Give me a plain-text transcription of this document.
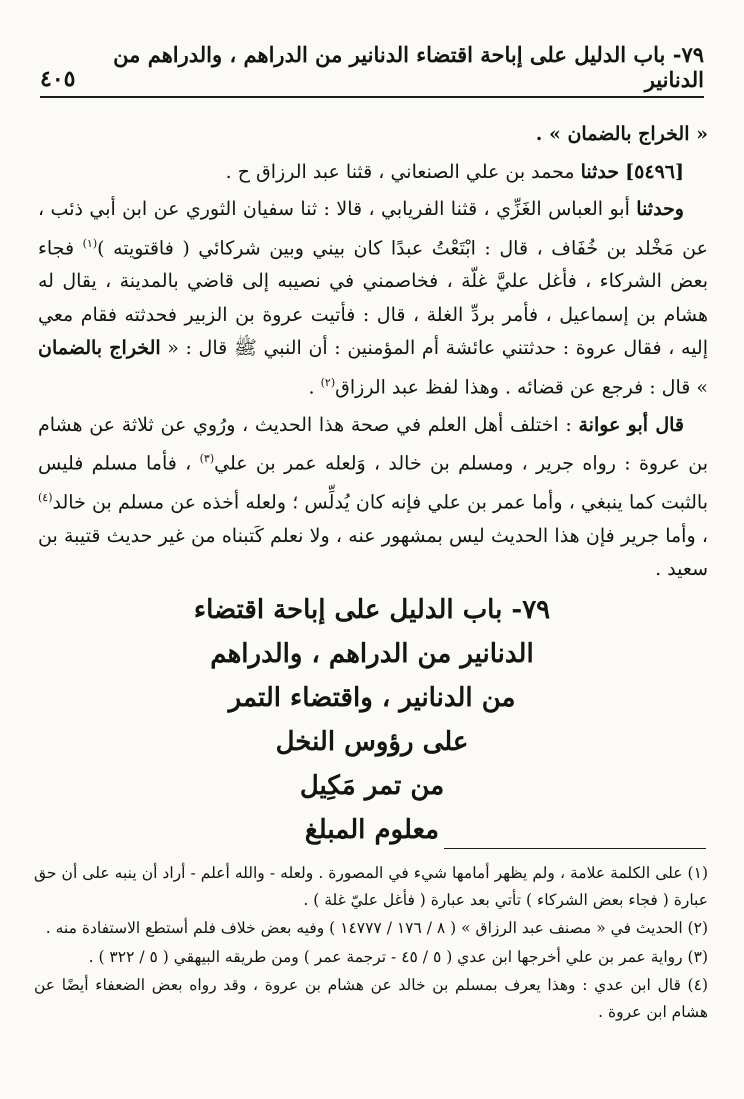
٧٩- باب الدليل على إباحة اقتضاء الدنانير من الدراهم ، والدراهم من الدنانير
٤٠٥

« الخراج بالضمان » .

[٥٤٩٦] حدثنا محمد بن علي الصنعاني ، قثنا عبد الرزاق ح .

وحدثنا أبو العباس الغَزِّي ، قثنا الفريابي ، قالا : ثنا سفيان الثوري عن ابن أبي ذئب ، عن مَخْلد بن خُفَاف ، قال : ابْتَعْتُ عبدًا كان بيني وبين شركائي ( فاقتويته )$^{(١)}$ فجاء بعض الشركاء ، فأغل عليَّ غلّة ، فخاصمني في نصيبه إلى قاضي بالمدينة ، يقال له هشام بن إسماعيل ، فأمر بردِّ الغلة ، قال : فأتيت عروة بن الزبير فحدثته فقام معي إليه ، فقال عروة : حدثتني عائشة أم المؤمنين : أن النبي ﷺ قال : « الخراج بالضمان » قال : فرجع عن قضائه . وهذا لفظ عبد الرزاق$^{(٢)}$ .

قال أبو عوانة : اختلف أهل العلم في صحة هذا الحديث ، ورُوي عن ثلاثة عن هشام بن عروة : رواه جرير ، ومسلم بن خالد ، وَلعله عمر بن علي$^{(٣)}$ ، فأما مسلم فليس بالثبت كما ينبغي ، وأما عمر بن علي فإنه كان يُدلِّس ؛ ولعله أخذه عن مسلم بن خالد$^{(٤)}$ ، وأما جرير فإن هذا الحديث ليس بمشهور عنه ، ولا نعلم كَتبناه من غير حديث قتيبة بن سعيد .

٧٩- باب الدليل على إباحة اقتضاء

الدنانير من الدراهم ، والدراهم

من الدنانير ، واقتضاء التمر

على رؤوس النخل

من تمر مَكِيل

معلوم المبلغ

(١) على الكلمة علامة ، ولم يظهر أمامها شيء في المصورة . ولعله - والله أعلم - أراد أن ينبه على أن حق عبارة ( فجاء بعض الشركاء ) تأتي بعد عبارة ( فأغل عليّ غلة ) .

(٢) الحديث في « مصنف عبد الرزاق » ( ٨ / ١٧٦ / ١٤٧٧٧ ) وفيه بعض خلاف فلم أستطع الاستفادة منه .

(٣) رواية عمر بن علي أخرجها ابن عدي ( ٥ / ٤٥ - ترجمة عمر ) ومن طريقه البيهقي ( ٥ / ٣٢٢ ) .

(٤) قال ابن عدي : وهذا يعرف بمسلم بن خالد عن هشام بن عروة ، وقد رواه بعض الضعفاء أيضًا عن هشام ابن عروة .
